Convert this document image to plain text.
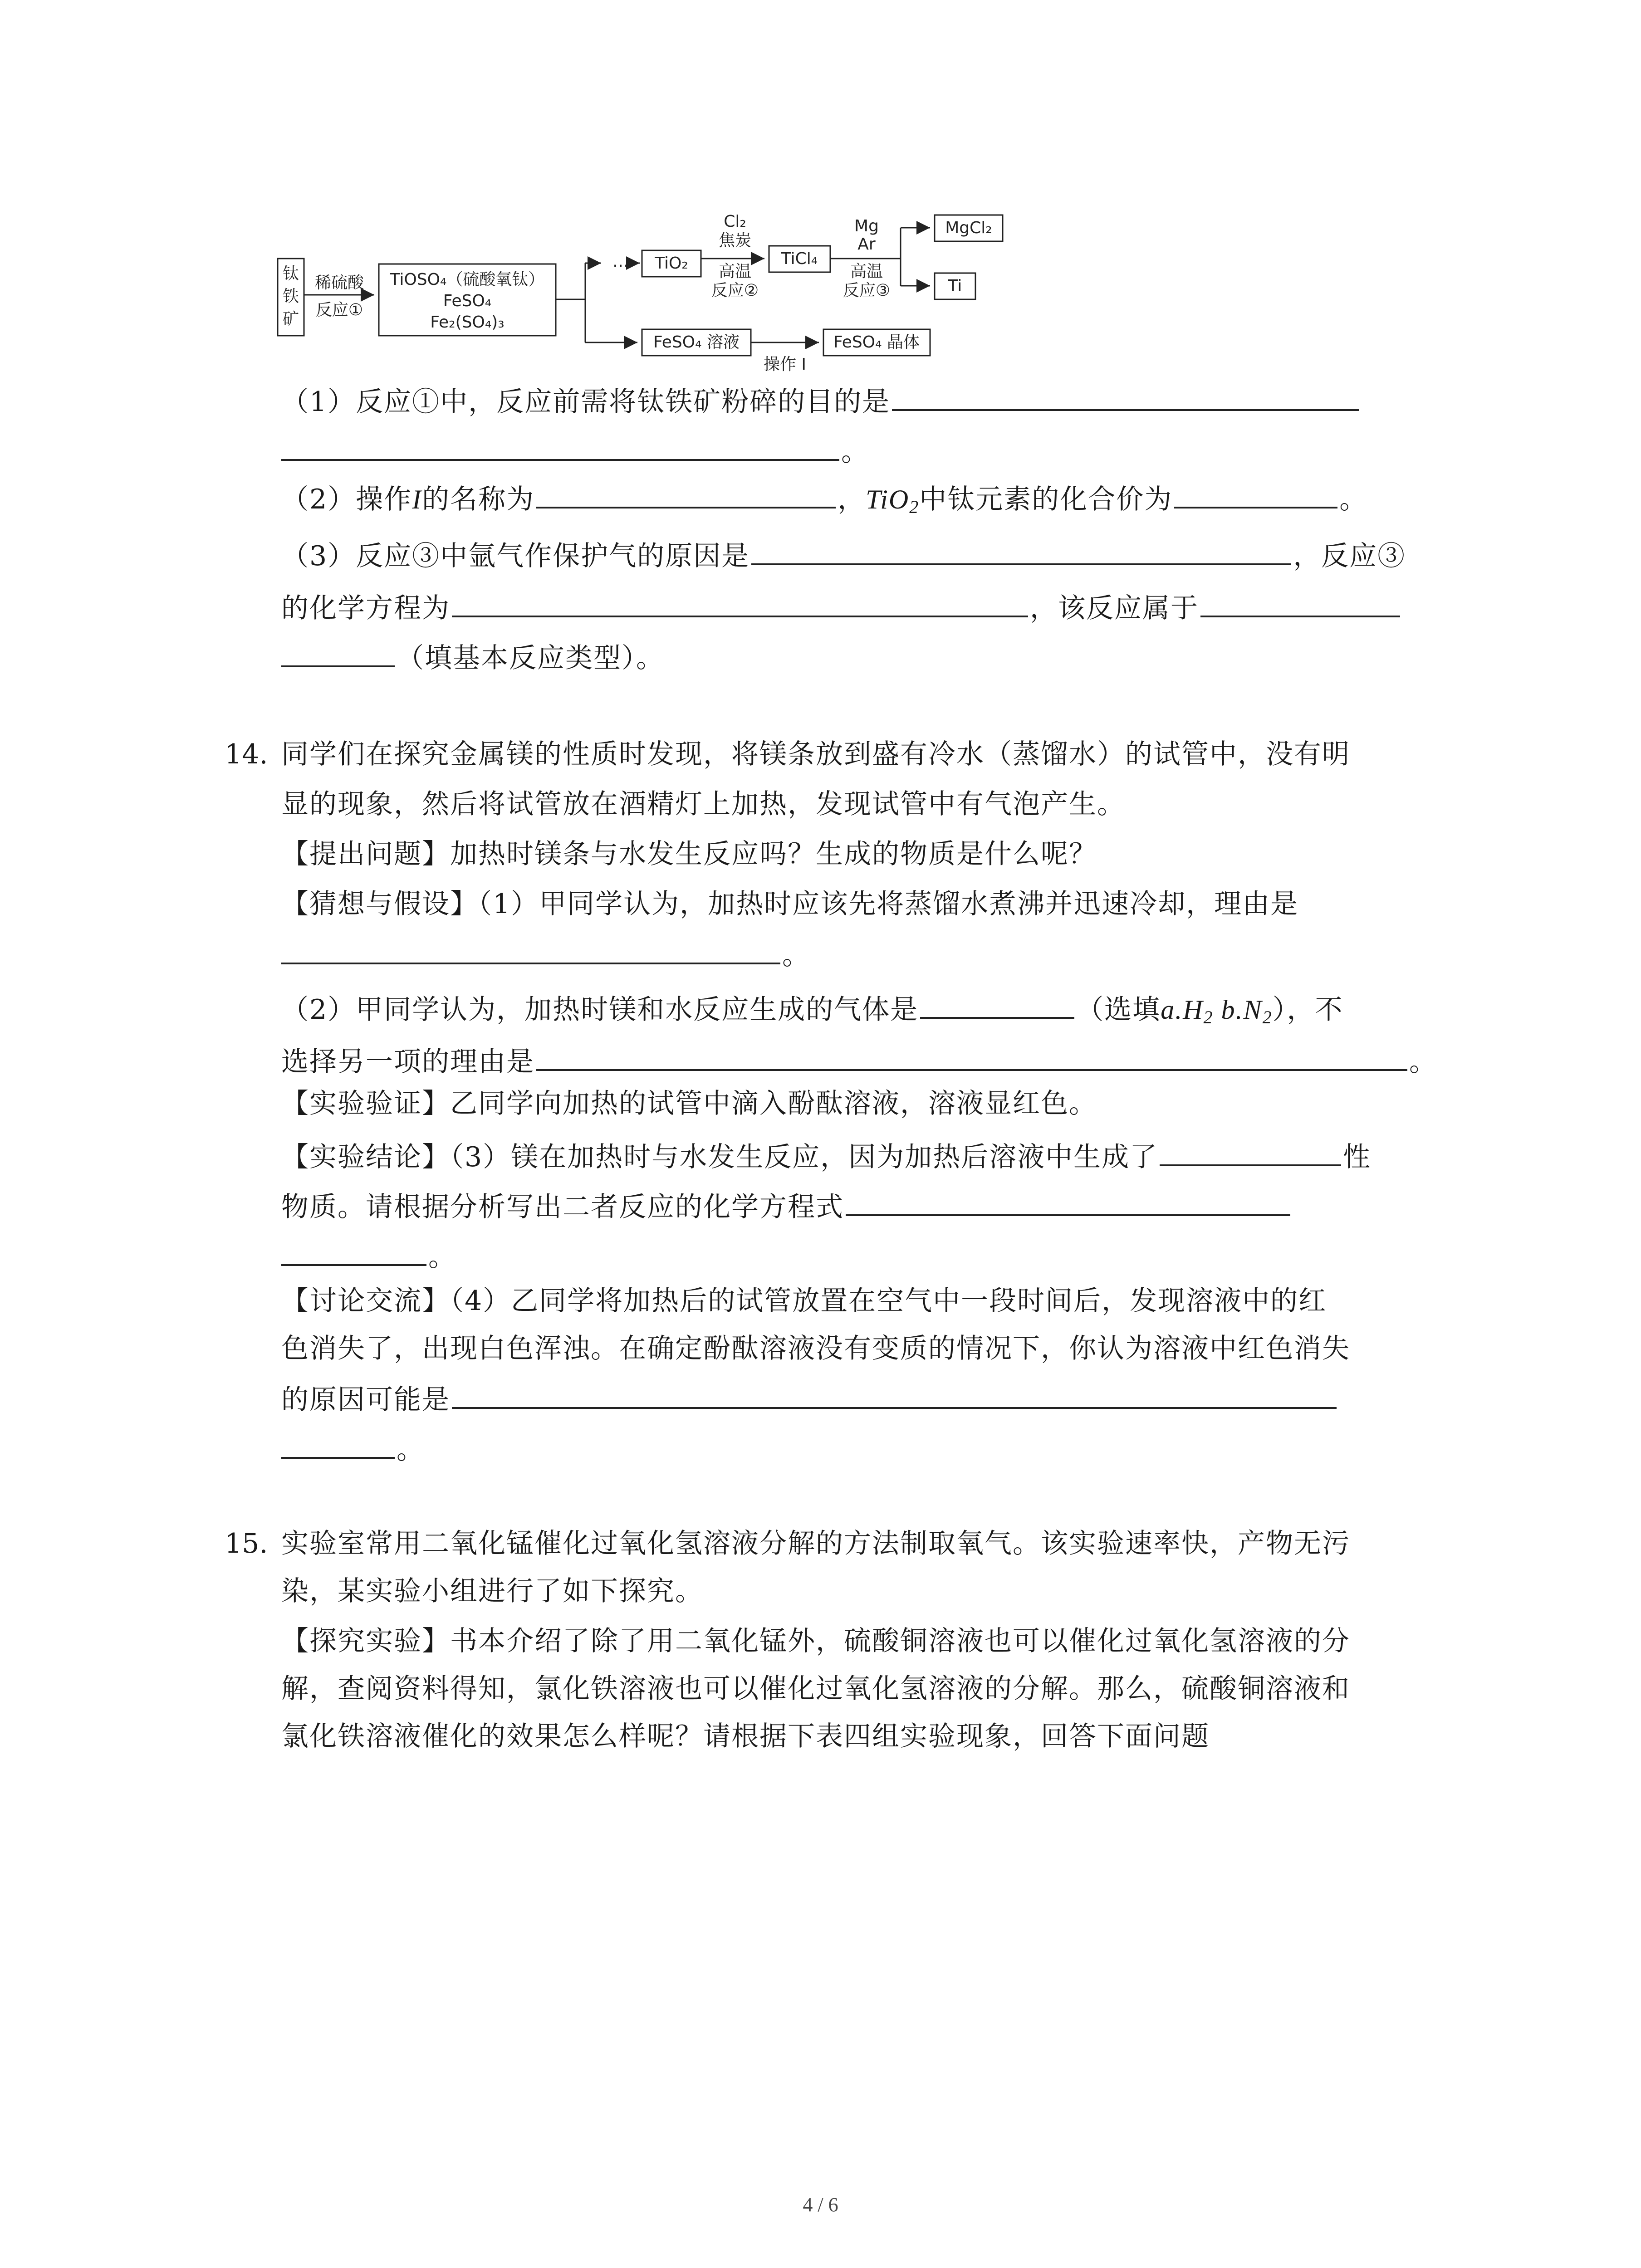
钛
铁
矿
稀硫酸
反应①
TiOSO₄（硫酸氧钛）
FeSO₄
Fe₂(SO₄)₃
… TiO₂
Cl₂
焦炭
高温
反应②
TiCl₄
Mg
Ar
高温
反应③
MgCl₂
Ti
FeSO₄ 溶液
操作 I
FeSO₄ 晶体
（1）反应①中，反应前需将钛铁矿粉碎的目的是
。
（2）操作I的名称为	，TiO$_2$中钛元素的化合价为	。
（3）反应③中氩气作保护气的原因是	，反应③
的化学方程为	，该反应属于
（填基本反应类型）。
14. 同学们在探究金属镁的性质时发现，将镁条放到盛有冷水（蒸馏水）的试管中，没有明
显的现象，然后将试管放在酒精灯上加热，发现试管中有气泡产生。
【提出问题】加热时镁条与水发生反应吗？生成的物质是什么呢？
【猜想与假设】（1）甲同学认为，加热时应该先将蒸馏水煮沸并迅速冷却，理由是
。
（2）甲同学认为，加热时镁和水反应生成的气体是	（选填$a.H_2$ $b.N_2$），不
选择另一项的理由是	。
【实验验证】乙同学向加热的试管中滴入酚酞溶液，溶液显红色。
【实验结论】（3）镁在加热时与水发生反应，因为加热后溶液中生成了	性
物质。请根据分析写出二者反应的化学方程式
。
【讨论交流】（4）乙同学将加热后的试管放置在空气中一段时间后，发现溶液中的红
色消失了，出现白色浑浊。在确定酚酞溶液没有变质的情况下，你认为溶液中红色消失
的原因可能是
。
15. 实验室常用二氧化锰催化过氧化氢溶液分解的方法制取氧气。该实验速率快，产物无污
染，某实验小组进行了如下探究。
【探究实验】书本介绍了除了用二氧化锰外，硫酸铜溶液也可以催化过氧化氢溶液的分
解，查阅资料得知，氯化铁溶液也可以催化过氧化氢溶液的分解。那么，硫酸铜溶液和
氯化铁溶液催化的效果怎么样呢？请根据下表四组实验现象，回答下面问题
4 / 6
